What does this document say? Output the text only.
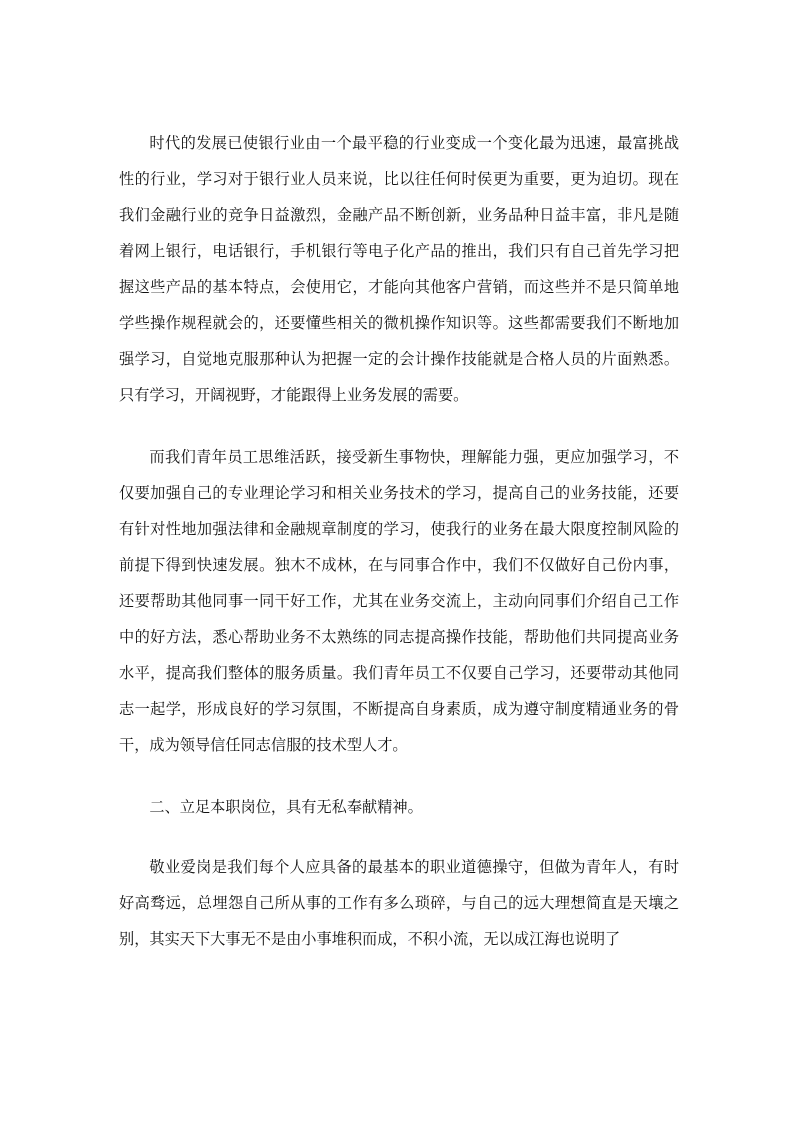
时代的发展已使银行业由一个最平稳的行业变成一个变化最为迅速，最富挑战性的行业，学习对于银行业人员来说，比以往任何时侯更为重要，更为迫切。现在我们金融行业的竞争日益激烈，金融产品不断创新，业务品种日益丰富，非凡是随着网上银行，电话银行，手机银行等电子化产品的推出，我们只有自己首先学习把握这些产品的基本特点，会使用它，才能向其他客户营销，而这些并不是只简单地学些操作规程就会的，还要懂些相关的微机操作知识等。这些都需要我们不断地加强学习，自觉地克服那种认为把握一定的会计操作技能就是合格人员的片面熟悉。只有学习，开阔视野，才能跟得上业务发展的需要。

而我们青年员工思维活跃，接受新生事物快，理解能力强，更应加强学习，不仅要加强自己的专业理论学习和相关业务技术的学习，提高自己的业务技能，还要有针对性地加强法律和金融规章制度的学习，使我行的业务在最大限度控制风险的前提下得到快速发展。独木不成林，在与同事合作中，我们不仅做好自己份内事，还要帮助其他同事一同干好工作，尤其在业务交流上，主动向同事们介绍自己工作中的好方法，悉心帮助业务不太熟练的同志提高操作技能，帮助他们共同提高业务水平，提高我们整体的服务质量。我们青年员工不仅要自己学习，还要带动其他同志一起学，形成良好的学习氛围，不断提高自身素质，成为遵守制度精通业务的骨干，成为领导信任同志信服的技术型人才。

二、立足本职岗位，具有无私奉献精神。

敬业爱岗是我们每个人应具备的最基本的职业道德操守，但做为青年人，有时好高骛远，总埋怨自己所从事的工作有多么琐碎，与自己的远大理想简直是天壤之别，其实天下大事无不是由小事堆积而成，不积小流，无以成江海也说明了
